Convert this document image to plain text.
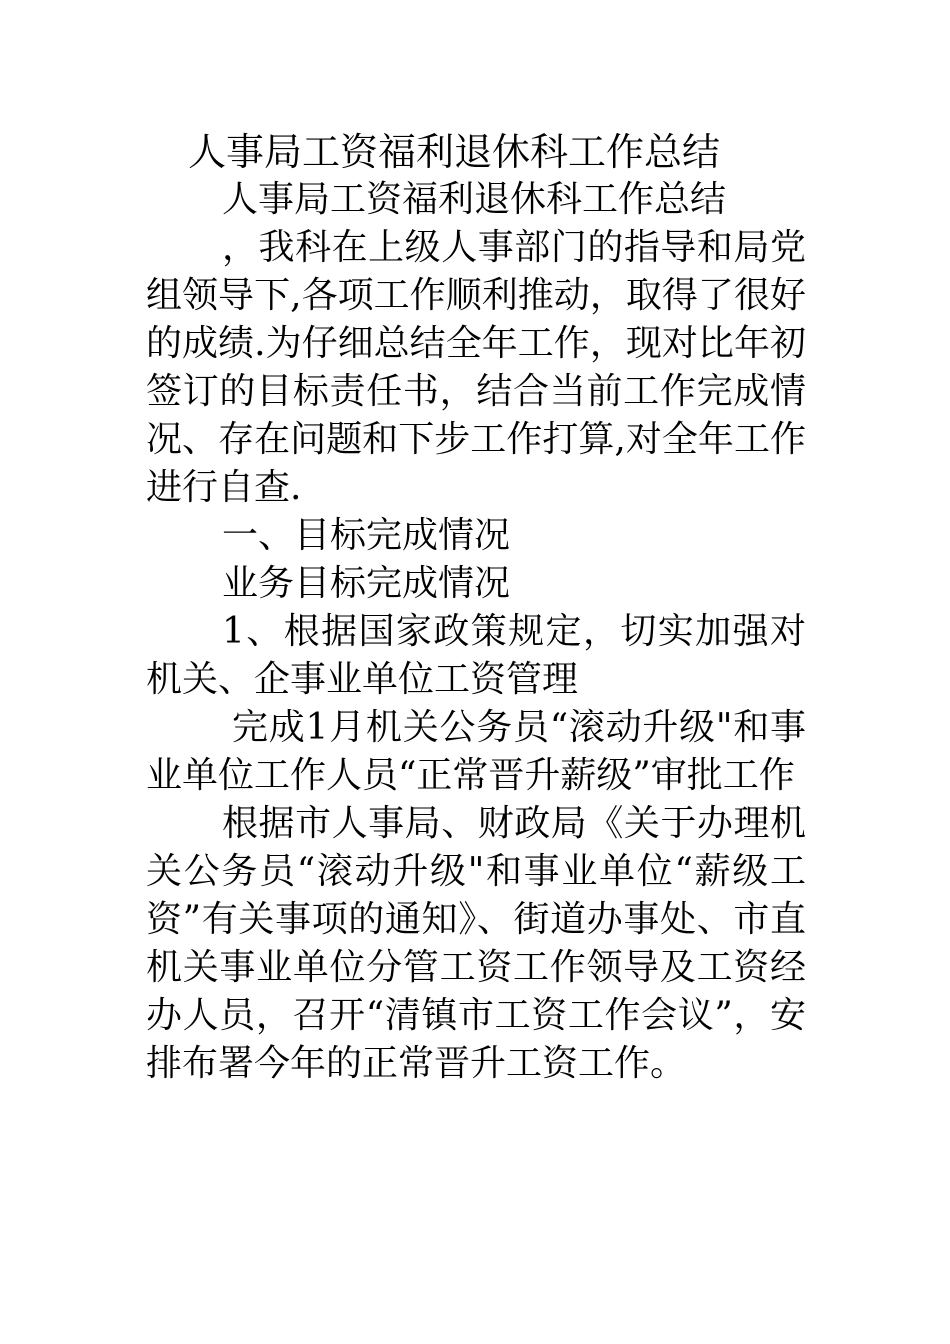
人事局工资福利退休科工作总结

人事局工资福利退休科工作总结

，我科在上级人事部门的指导和局党组领导下,各项工作顺利推动，取得了很好的成绩.为仔细总结全年工作，现对比年初签订的目标责任书，结合当前工作完成情况、存在问题和下步工作打算,对全年工作进行自查.

一、目标完成情况

业务目标完成情况

1、根据国家政策规定，切实加强对机关、企事业单位工资管理

完成1月机关公务员“滚动升级"和事业单位工作人员“正常晋升薪级”审批工作

根据市人事局、财政局《关于办理机关公务员“滚动升级"和事业单位“薪级工资”有关事项的通知》、街道办事处、市直机关事业单位分管工资工作领导及工资经办人员，召开“清镇市工资工作会议”，安排布署今年的正常晋升工资工作。
